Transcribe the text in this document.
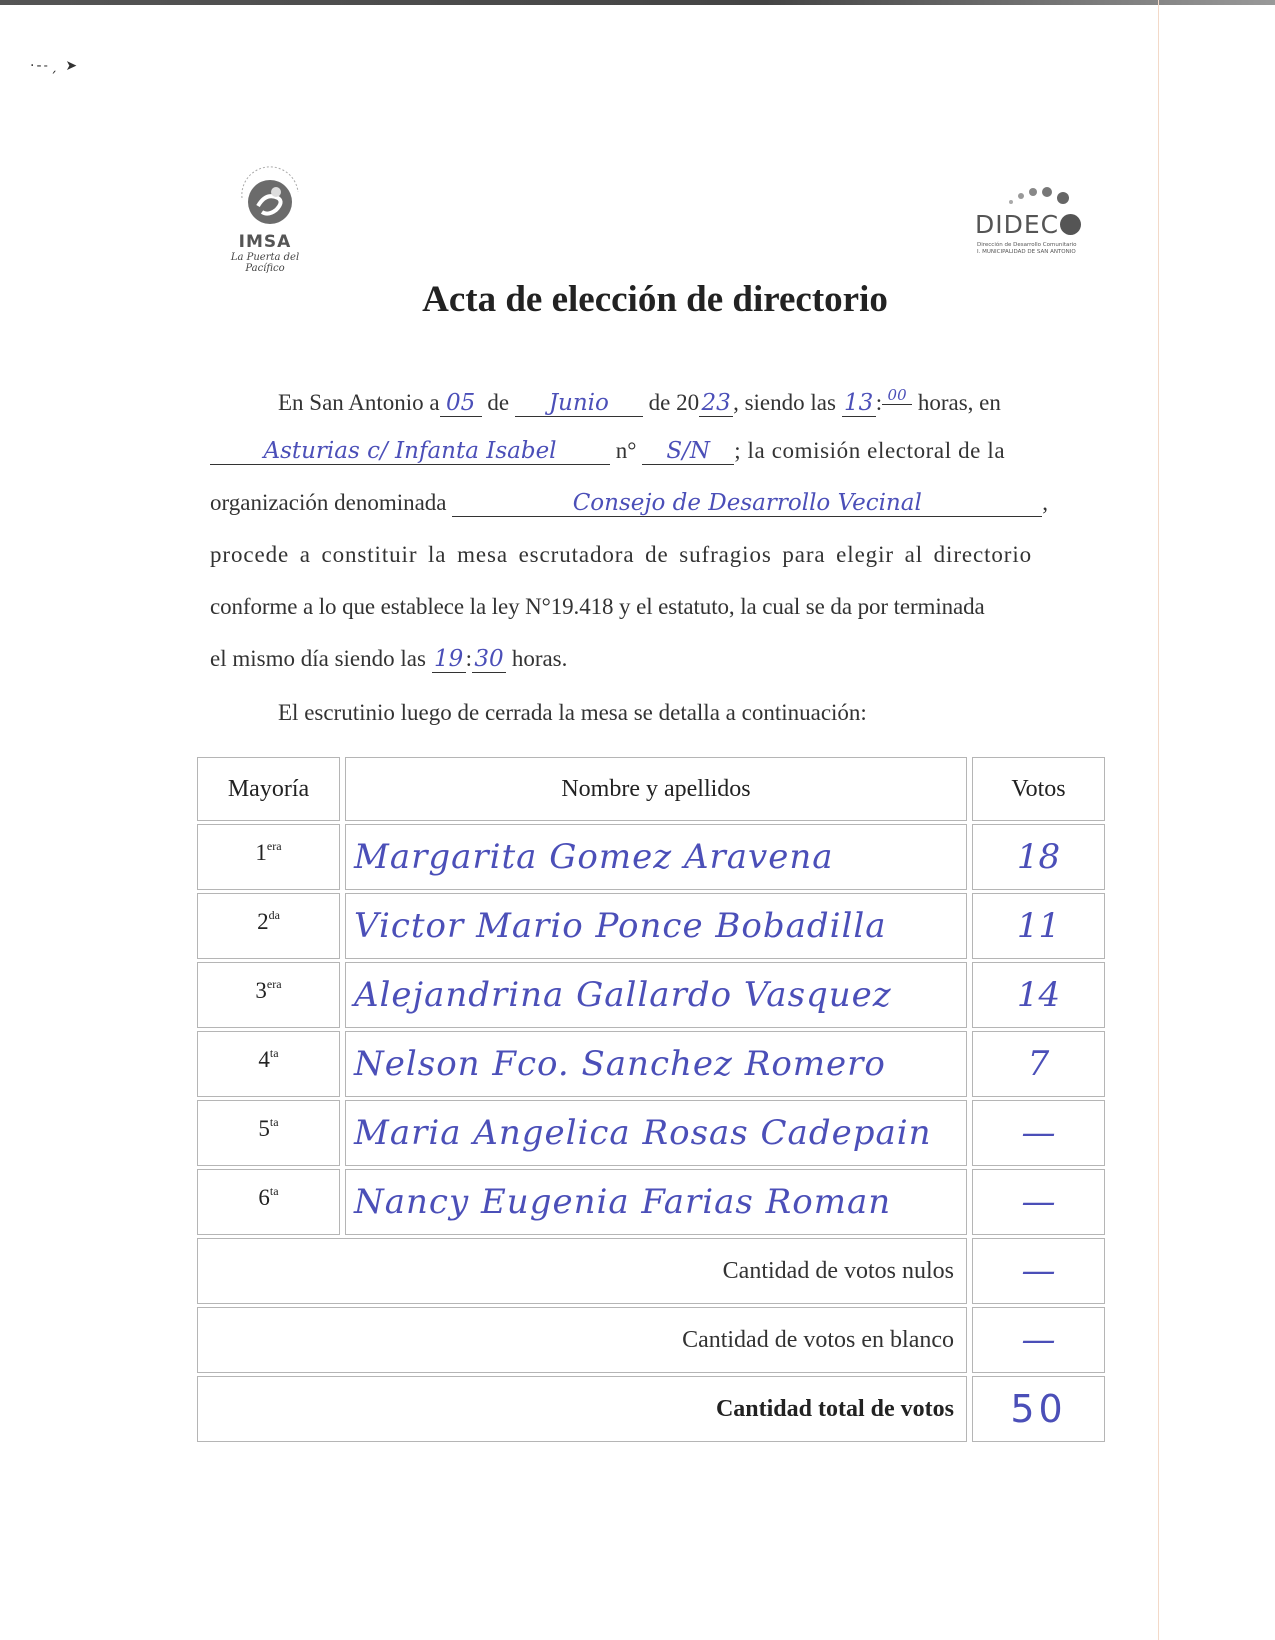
·-˗ˏ ➤
IMSA
La Puerta del Pacífico
DIDEC
Dirección de Desarrollo Comunitario
I. MUNICIPALIDAD DE SAN ANTONIO
Acta de elección de directorio
En San Antonio a 05 de Junio de 20 23 , siendo las 13 : 00 horas, en
Asturias c/ Infanta Isabel	n° S/N ; la comisión electoral de la
organización denominada	Consejo de Desarrollo Vecinal	,
procede a constituir la mesa escrutadora de sufragios para elegir al directorio
conforme a lo que establece la ley N°19.418 y el estatuto, la cual se da por terminada
el mismo día siendo las 19 : 30 horas.
El escrutinio luego de cerrada la mesa se detalla a continuación:
Mayoría	Nombre y apellidos	Votos
$1^{era}$	Margarita Gomez Aravena	18
$2^{da}$	Victor Mario Ponce Bobadilla	11
$3^{era}$	Alejandrina Gallardo Vasquez	14
$4^{ta}$	Nelson Fco. Sanchez Romero	7
$5^{ta}$	Maria Angelica Rosas Cadepain	—
$6^{ta}$	Nancy Eugenia Farias Roman	—
Cantidad de votos nulos		—
Cantidad de votos en blanco		—
Cantidad total de votos		50
